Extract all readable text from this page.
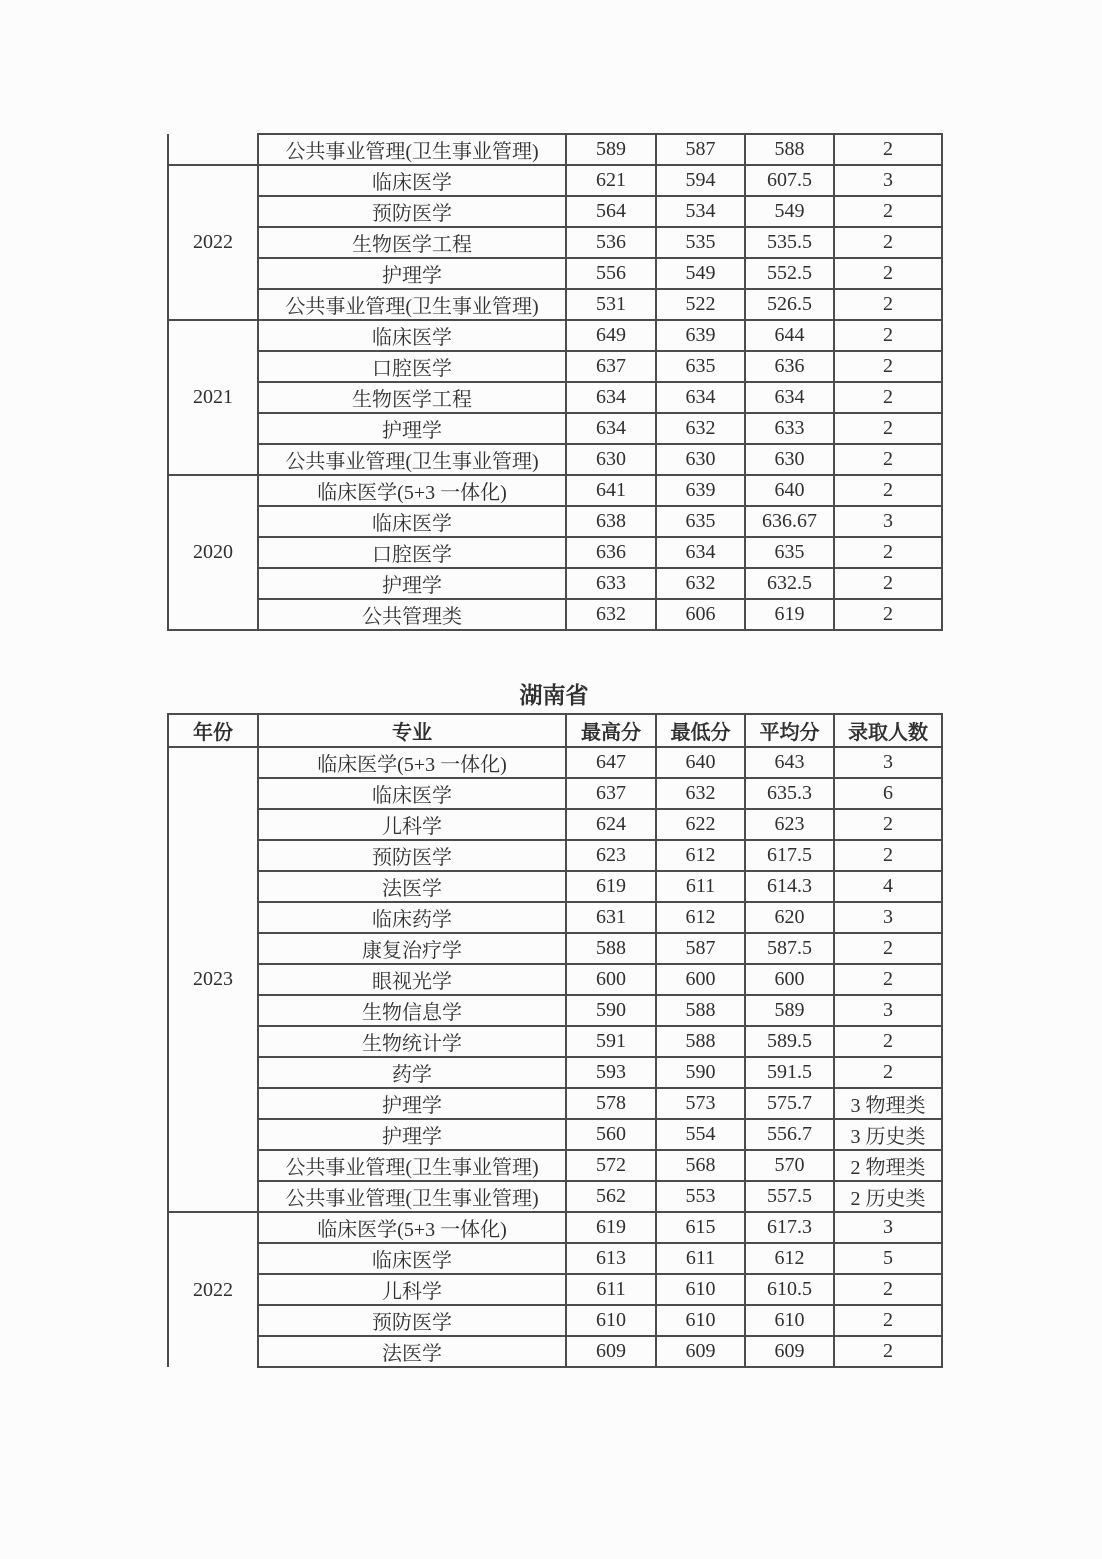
	公共事业管理(卫生事业管理)	589	587	588	2
2022	临床医学	621	594	607.5	3
	预防医学	564	534	549	2
	生物医学工程	536	535	535.5	2
	护理学	556	549	552.5	2
	公共事业管理(卫生事业管理)	531	522	526.5	2
2021	临床医学	649	639	644	2
	口腔医学	637	635	636	2
	生物医学工程	634	634	634	2
	护理学	634	632	633	2
	公共事业管理(卫生事业管理)	630	630	630	2
2020	临床医学(5+3 一体化)	641	639	640	2
	临床医学	638	635	636.67	3
	口腔医学	636	634	635	2
	护理学	633	632	632.5	2
	公共管理类	632	606	619	2
湖南省
年份	专业	最高分	最低分	平均分	录取人数
2023	临床医学(5+3 一体化)	647	640	643	3
	临床医学	637	632	635.3	6
	儿科学	624	622	623	2
	预防医学	623	612	617.5	2
	法医学	619	611	614.3	4
	临床药学	631	612	620	3
	康复治疗学	588	587	587.5	2
	眼视光学	600	600	600	2
	生物信息学	590	588	589	3
	生物统计学	591	588	589.5	2
	药学	593	590	591.5	2
	护理学	578	573	575.7	3 物理类
	护理学	560	554	556.7	3 历史类
	公共事业管理(卫生事业管理)	572	568	570	2 物理类
	公共事业管理(卫生事业管理)	562	553	557.5	2 历史类
2022	临床医学(5+3 一体化)	619	615	617.3	3
	临床医学	613	611	612	5
	儿科学	611	610	610.5	2
	预防医学	610	610	610	2
	法医学	609	609	609	2
